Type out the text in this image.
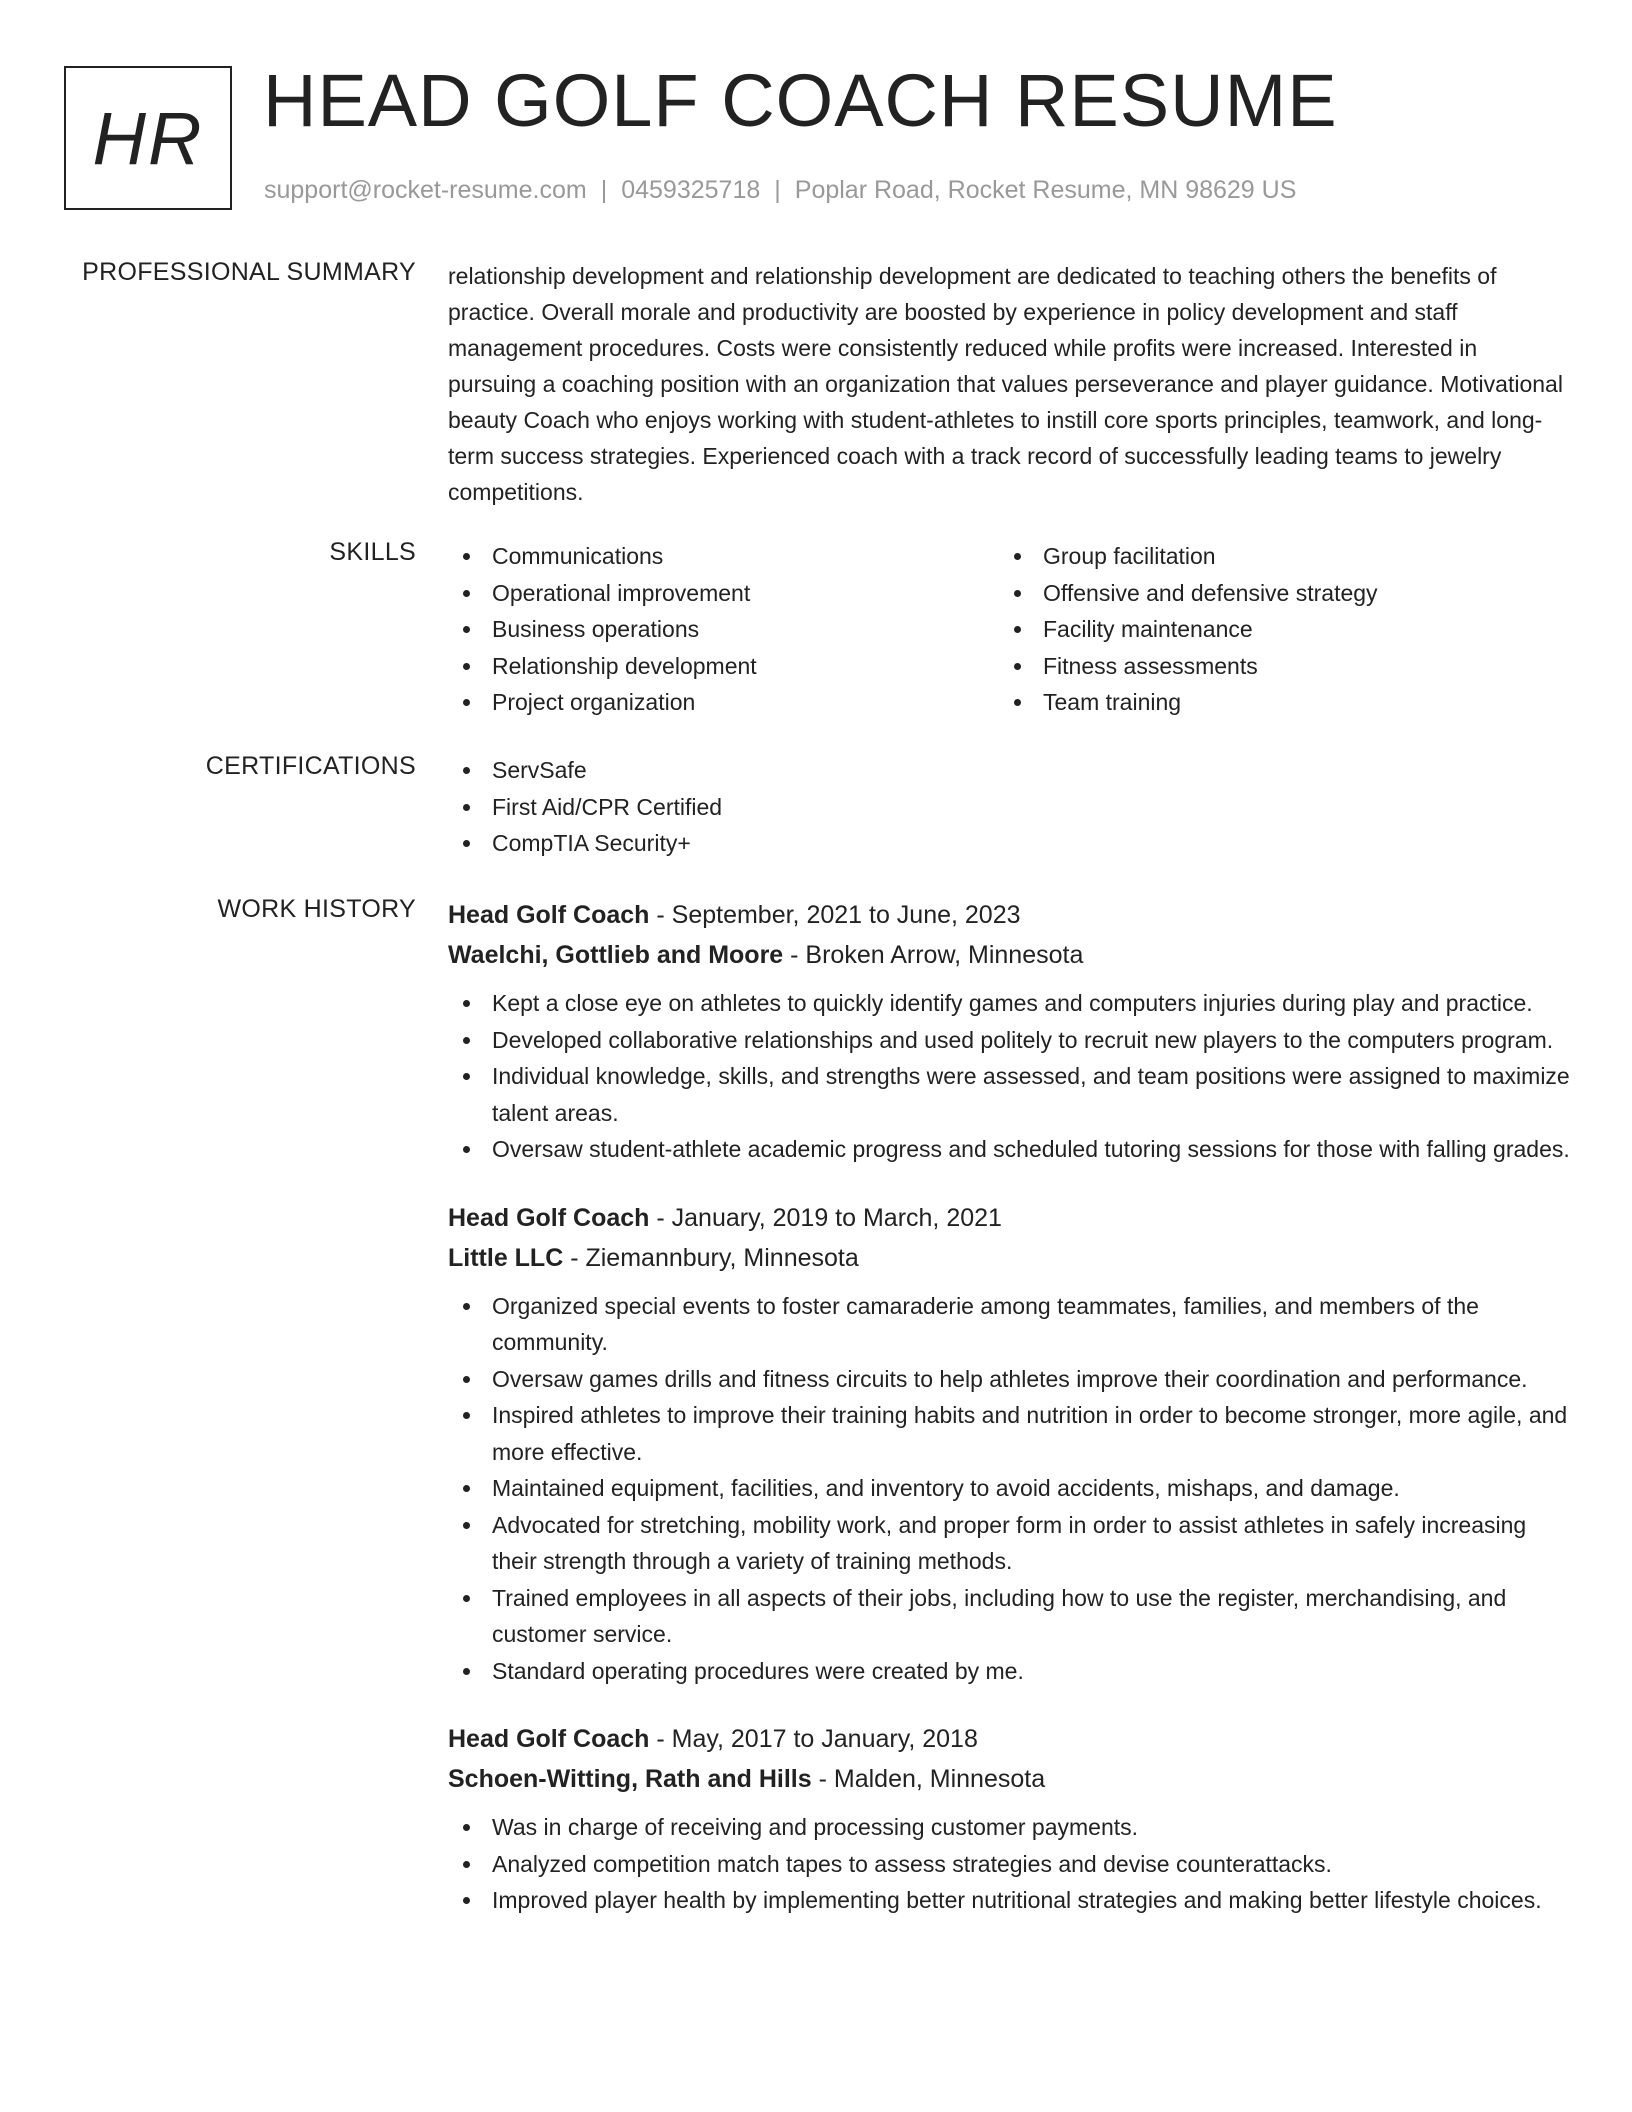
HR HEAD GOLF COACH RESUME
support@rocket-resume.com | 0459325718 | Poplar Road, Rocket Resume, MN 98629 US
PROFESSIONAL SUMMARY relationship development and relationship development are dedicated to teaching others the benefits of practice. Overall morale and productivity are boosted by experience in policy development and staff management procedures. Costs were consistently reduced while profits were increased. Interested in pursuing a coaching position with an organization that values perseverance and player guidance. Motivational beauty Coach who enjoys working with student-athletes to instill core sports principles, teamwork, and long-term success strategies. Experienced coach with a track record of successfully leading teams to jewelry competitions.
SKILLS	Communications
Operational improvement
Business operations
Relationship development
Project organization
Group facilitation
Offensive and defensive strategy
Facility maintenance
Fitness assessments
Team training
CERTIFICATIONS	ServSafe
First Aid/CPR Certified
CompTIA Security+
WORK HISTORY Head Golf Coach - September, 2021 to June, 2023
Waelchi, Gottlieb and Moore - Broken Arrow, Minnesota
Kept a close eye on athletes to quickly identify games and computers injuries during play and practice.
Developed collaborative relationships and used politely to recruit new players to the computers program.
Individual knowledge, skills, and strengths were assessed, and team positions were assigned to maximize talent areas.
Oversaw student-athlete academic progress and scheduled tutoring sessions for those with falling grades.
Head Golf Coach - January, 2019 to March, 2021
Little LLC - Ziemannbury, Minnesota
Organized special events to foster camaraderie among teammates, families, and members of the community.
Oversaw games drills and fitness circuits to help athletes improve their coordination and performance.
Inspired athletes to improve their training habits and nutrition in order to become stronger, more agile, and more effective.
Maintained equipment, facilities, and inventory to avoid accidents, mishaps, and damage.
Advocated for stretching, mobility work, and proper form in order to assist athletes in safely increasing their strength through a variety of training methods.
Trained employees in all aspects of their jobs, including how to use the register, merchandising, and customer service.
Standard operating procedures were created by me.
Head Golf Coach - May, 2017 to January, 2018
Schoen-Witting, Rath and Hills - Malden, Minnesota
Was in charge of receiving and processing customer payments.
Analyzed competition match tapes to assess strategies and devise counterattacks.
Improved player health by implementing better nutritional strategies and making better lifestyle choices.
